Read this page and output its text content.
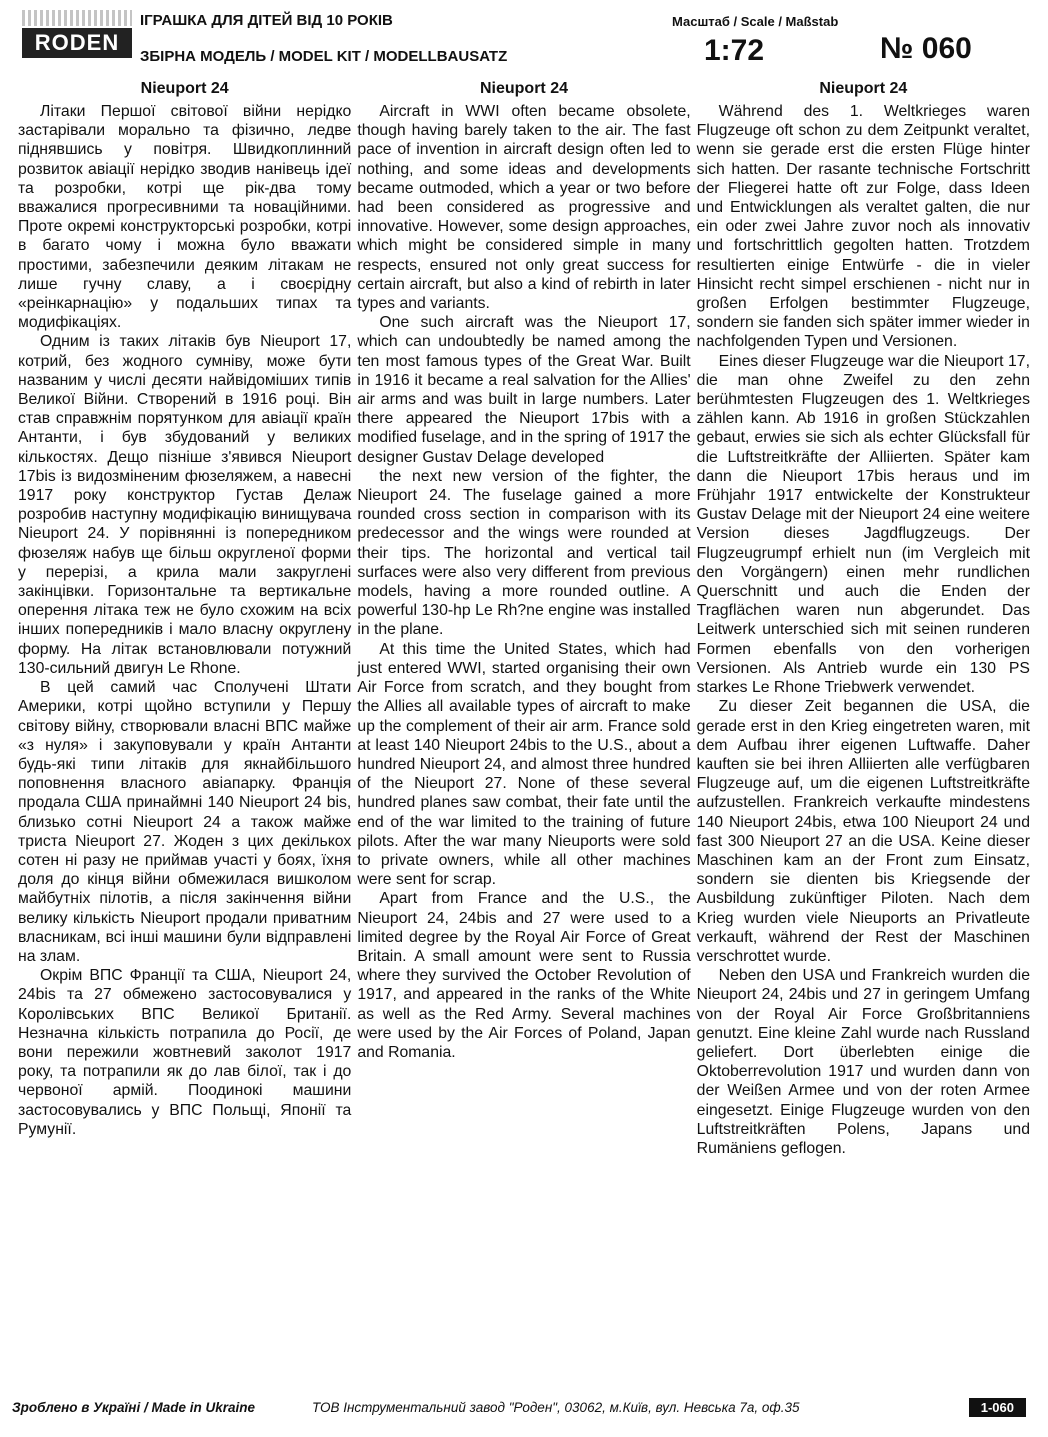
RODEN
ІГРАШКА ДЛЯ ДІТЕЙ ВІД 10 РОКІВ
ЗБІРНА МОДЕЛЬ / MODEL KIT / MODELLBAUSATZ
Масштаб / Scale / Maßstab
1:72	№ 060
Nieuport 24

Літаки Першої світової війни нерідко застарівали морально та фізично, ледве піднявшись у повітря. Швидкоплинний розвиток авіації нерідко зводив нанівець ідеї та розробки, котрі ще рік-два тому вважалися прогресивними та новаційними. Проте окремі конструкторські розробки, котрі в багато чому і можна було вважати простими, забезпечили деяким літакам не лише гучну славу, а і своєрідну «реінкарнацію» у подальших типах та модифікаціях.

Одним із таких літаків був Nieuport 17, котрий, без жодного сумніву, може бути названим у числі десяти найвідоміших типів Великої Війни. Створений в 1916 році. Він став справжнім порятунком для авіації країн Антанти, і був збудований у великих кількостях. Дещо пізніше з'явився Nieuport 17bis із видозміненим фюзеляжем, а навесні 1917 року конструктор Густав Делаж розробив наступну модифікацію винищувача Nieuport 24. У порівнянні із попередником фюзеляж набув ще більш округленої форми у перерізі, а крила мали закруглені закінцівки. Горизонтальне та вертикальне оперення літака теж не було схожим на всіх інших попередників і мало власну округлену форму. На літак встановлювали потужний 130-сильний двигун Le Rhone.

В цей самий час Сполучені Штати Америки, котрі щойно вступили у Першу світову війну, створювали власні ВПС майже «з нуля» і закуповували у країн Антанти будь-які типи літаків для якнайбільшого поповнення власного авіапарку. Франція продала США принаймні 140 Nieuport 24 bis, близько сотні Nieuport 24 а також майже триста Nieuport 27. Жоден з цих декількох сотен ні разу не приймав участі у боях, їхня доля до кінця війни обмежилася вишколом майбутніх пілотів, а після закінчення війни велику кількість Nieuport продали приватним власникам, всі інші машини були відправлені на злам.

Окрім ВПС Франції та США, Nieuport 24, 24bis та 27 обмежено застосовувалися у Королівських ВПС Великої Британії. Незначна кількість потрапила до Росії, де вони пережили жовтневий заколот 1917 року, та потрапили як до лав білої, так і до червоної армій. Поодинокі машини застосовувались у ВПС Польщі, Японії та Румунії.

Nieuport 24

Aircraft in WWI often became obsolete, though having barely taken to the air. The fast pace of invention in aircraft design often led to nothing, and some ideas and developments became outmoded, which a year or two before had been considered as progressive and innovative. However, some design approaches, which might be considered simple in many respects, ensured not only great success for certain aircraft, but also a kind of rebirth in later types and variants.

One such aircraft was the Nieuport 17, which can undoubtedly be named among the ten most famous types of the Great War. Built in 1916 it became a real salvation for the Allies' air arms and was built in large numbers. Later there appeared the Nieuport 17bis with a modified fuselage, and in the spring of 1917 the designer Gustav Delage developed

the next new version of the fighter, the Nieuport 24. The fuselage gained a more rounded cross section in comparison with its predecessor and the wings were rounded at their tips. The horizontal and vertical tail surfaces were also very different from previous models, having a more rounded outline. A powerful 130-hp Le Rh?ne engine was installed in the plane.

At this time the United States, which had just entered WWI, started organising their own Air Force from scratch, and they bought from the Allies all available types of aircraft to make up the complement of their air arm. France sold at least 140 Nieuport 24bis to the U.S., about a hundred Nieuport 24, and almost three hundred of the Nieuport 27. None of these several hundred planes saw combat, their fate until the end of the war limited to the training of future pilots. After the war many Nieuports were sold to private owners, while all other machines were sent for scrap.

Apart from France and the U.S., the Nieuport 24, 24bis and 27 were used to a limited degree by the Royal Air Force of Great Britain. A small amount were sent to Russia where they survived the October Revolution of 1917, and appeared in the ranks of the White as well as the Red Army. Several machines were used by the Air Forces of Poland, Japan and Romania.

Nieuport 24

Während des 1. Weltkrieges waren Flugzeuge oft schon zu dem Zeitpunkt veraltet, wenn sie gerade erst die ersten Flüge hinter sich hatten. Der rasante technische Fortschritt der Fliegerei hatte oft zur Folge, dass Ideen und Entwicklungen als veraltet galten, die nur ein oder zwei Jahre zuvor noch als innovativ und fortschrittlich gegolten hatten. Trotzdem resultierten einige Entwürfe - die in vieler Hinsicht recht simpel erschienen - nicht nur in großen Erfolgen bestimmter Flugzeuge, sondern sie fanden sich später immer wieder in nachfolgenden Typen und Versionen.

Eines dieser Flugzeuge war die Nieuport 17, die man ohne Zweifel zu den zehn berühmtesten Flugzeugen des 1. Weltkrieges zählen kann. Ab 1916 in großen Stückzahlen gebaut, erwies sie sich als echter Glücksfall für die Luftstreitkräfte der Alliierten. Später kam dann die Nieuport 17bis heraus und im Frühjahr 1917 entwickelte der Konstrukteur Gustav Delage mit der Nieuport 24 eine weitere Version dieses Jagdflugzeugs. Der Flugzeugrumpf erhielt nun (im Vergleich mit den Vorgängern) einen mehr rundlichen Querschnitt und auch die Enden der Tragflächen waren nun abgerundet. Das Leitwerk unterschied sich mit seinen runderen Formen ebenfalls von den vorherigen Versionen. Als Antrieb wurde ein 130 PS starkes Le Rhone Triebwerk verwendet.

Zu dieser Zeit begannen die USA, die gerade erst in den Krieg eingetreten waren, mit dem Aufbau ihrer eigenen Luftwaffe. Daher kauften sie bei ihren Alliierten alle verfügbaren Flugzeuge auf, um die eigenen Luftstreitkräfte aufzustellen. Frankreich verkaufte mindestens 140 Nieuport 24bis, etwa 100 Nieuport 24 und fast 300 Nieuport 27 an die USA. Keine dieser Maschinen kam an der Front zum Einsatz, sondern sie dienten bis Kriegsende der Ausbildung zukünftiger Piloten. Nach dem Krieg wurden viele Nieuports an Privatleute verkauft, während der Rest der Maschinen verschrottet wurde.

Neben den USA und Frankreich wurden die Nieuport 24, 24bis und 27 in geringem Umfang von der Royal Air Force Großbritanniens genutzt. Eine kleine Zahl wurde nach Russland geliefert. Dort überlebten einige die Oktoberrevolution 1917 und wurden dann von der Weißen Armee und von der roten Armee eingesetzt. Einige Flugzeuge wurden von den Luftstreitkräften Polens, Japans und Rumäniens geflogen.

Зроблено в Україні / Made in Ukraine	ТОВ Інструментальний завод "Роден", 03062, м.Київ, вул. Невська 7а, оф.35	1-060
